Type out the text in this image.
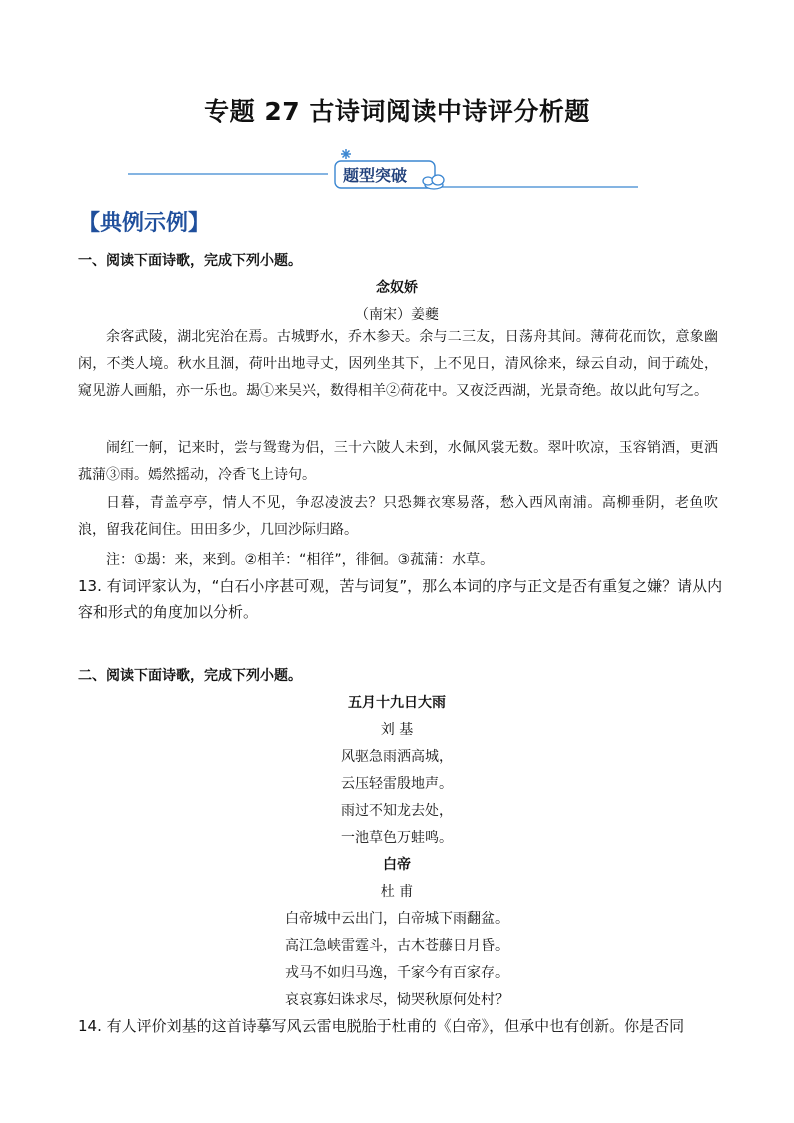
专题 27 古诗词阅读中诗评分析题
题型突破
【典例示例】
一、阅读下面诗歌，完成下列小题。
念奴娇
（南宋）姜夔

余客武陵，湖北宪治在焉。古城野水，乔木参天。余与二三友，日荡舟其间。薄荷花而饮，意象幽闲，不类人境。秋水且涸，荷叶出地寻丈，因列坐其下，上不见日，清风徐来，绿云自动，间于疏处，窥见游人画船，亦一乐也。朅①来吴兴，数得相羊②荷花中。又夜泛西湖，光景奇绝。故以此句写之。

闹红一舸，记来时，尝与鸳鸯为侣，三十六陂人未到，水佩风裳无数。翠叶吹凉，玉容销酒，更洒菰蒲③雨。嫣然摇动，冷香飞上诗句。

日暮，青盖亭亭，情人不见，争忍凌波去？只恐舞衣寒易落，愁入西风南浦。高柳垂阴，老鱼吹浪，留我花间住。田田多少，几回沙际归路。

注：①朅：来，来到。②相羊：“相徉”，徘徊。③菰蒲：水草。

13. 有词评家认为，“白石小序甚可观，苦与词复”，那么本词的序与正文是否有重复之嫌？请从内容和形式的角度加以分析。

二、阅读下面诗歌，完成下列小题。
五月十九日大雨
刘 基
风驱急雨洒高城，
云压轻雷殷地声。
雨过不知龙去处，
一池草色万蛙鸣。
白帝
杜 甫
白帝城中云出门，白帝城下雨翻盆。
高江急峡雷霆斗，古木苍藤日月昏。
戎马不如归马逸，千家今有百家存。
哀哀寡妇诛求尽，恸哭秋原何处村？

14. 有人评价刘基的这首诗摹写风云雷电脱胎于杜甫的《白帝》，但承中也有创新。你是否同
